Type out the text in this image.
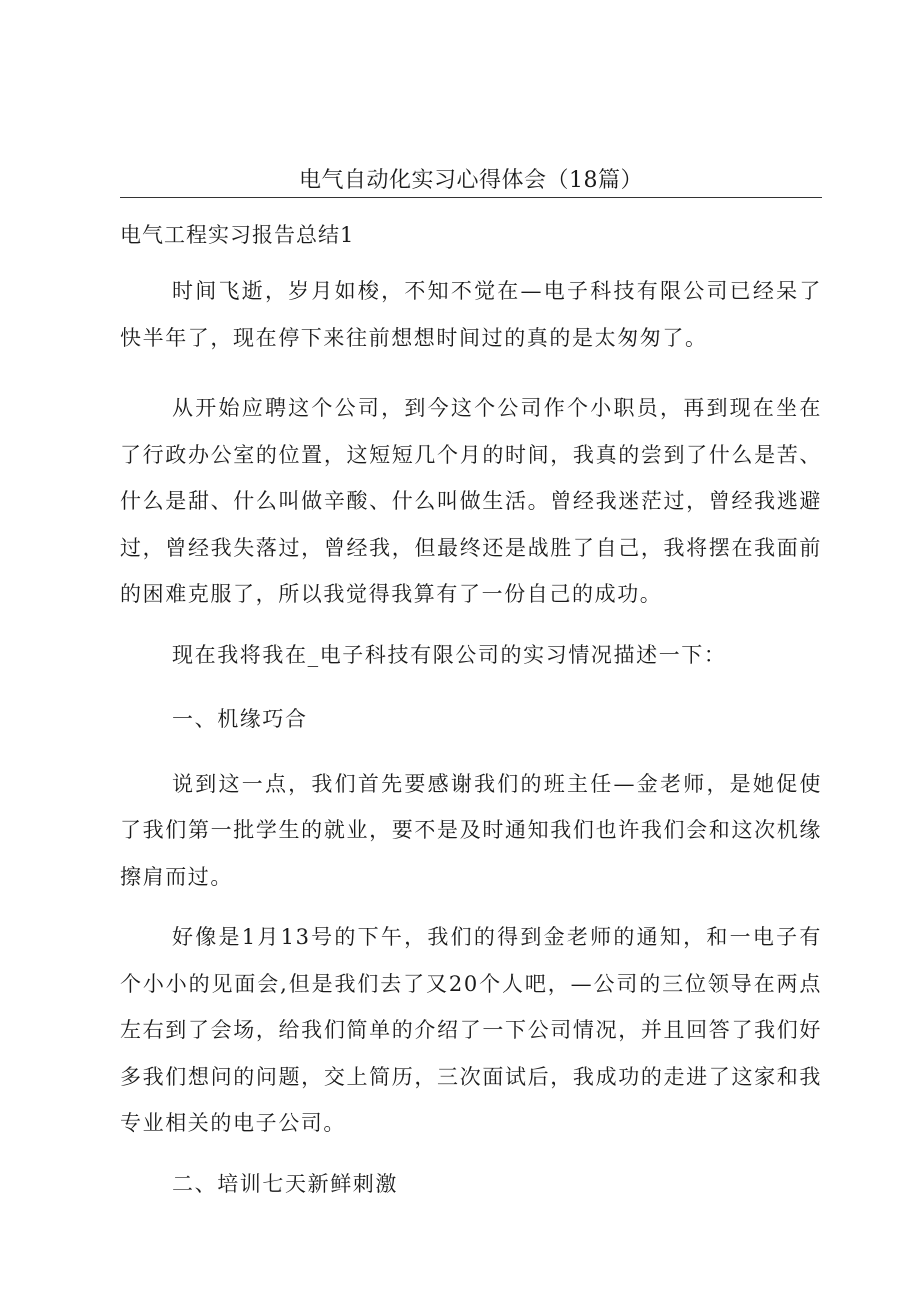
电气自动化实习心得体会（18篇）
电气工程实习报告总结1

时间飞逝，岁月如梭，不知不觉在—电子科技有限公司已经呆了快半年了，现在停下来往前想想时间过的真的是太匆匆了。

从开始应聘这个公司，到今这个公司作个小职员，再到现在坐在了行政办公室的位置，这短短几个月的时间，我真的尝到了什么是苦、什么是甜、什么叫做辛酸、什么叫做生活。曾经我迷茫过，曾经我逃避过，曾经我失落过，曾经我，但最终还是战胜了自己，我将摆在我面前的困难克服了，所以我觉得我算有了一份自己的成功。

现在我将我在_电子科技有限公司的实习情况描述一下：

一、机缘巧合

说到这一点，我们首先要感谢我们的班主任—金老师，是她促使了我们第一批学生的就业，要不是及时通知我们也许我们会和这次机缘擦肩而过。

好像是1月13号的下午，我们的得到金老师的通知，和一电子有个小小的见面会,但是我们去了又20个人吧，—公司的三位领导在两点左右到了会场，给我们简单的介绍了一下公司情况，并且回答了我们好多我们想问的问题，交上简历，三次面试后，我成功的走进了这家和我专业相关的电子公司。

二、培训七天新鲜刺激
